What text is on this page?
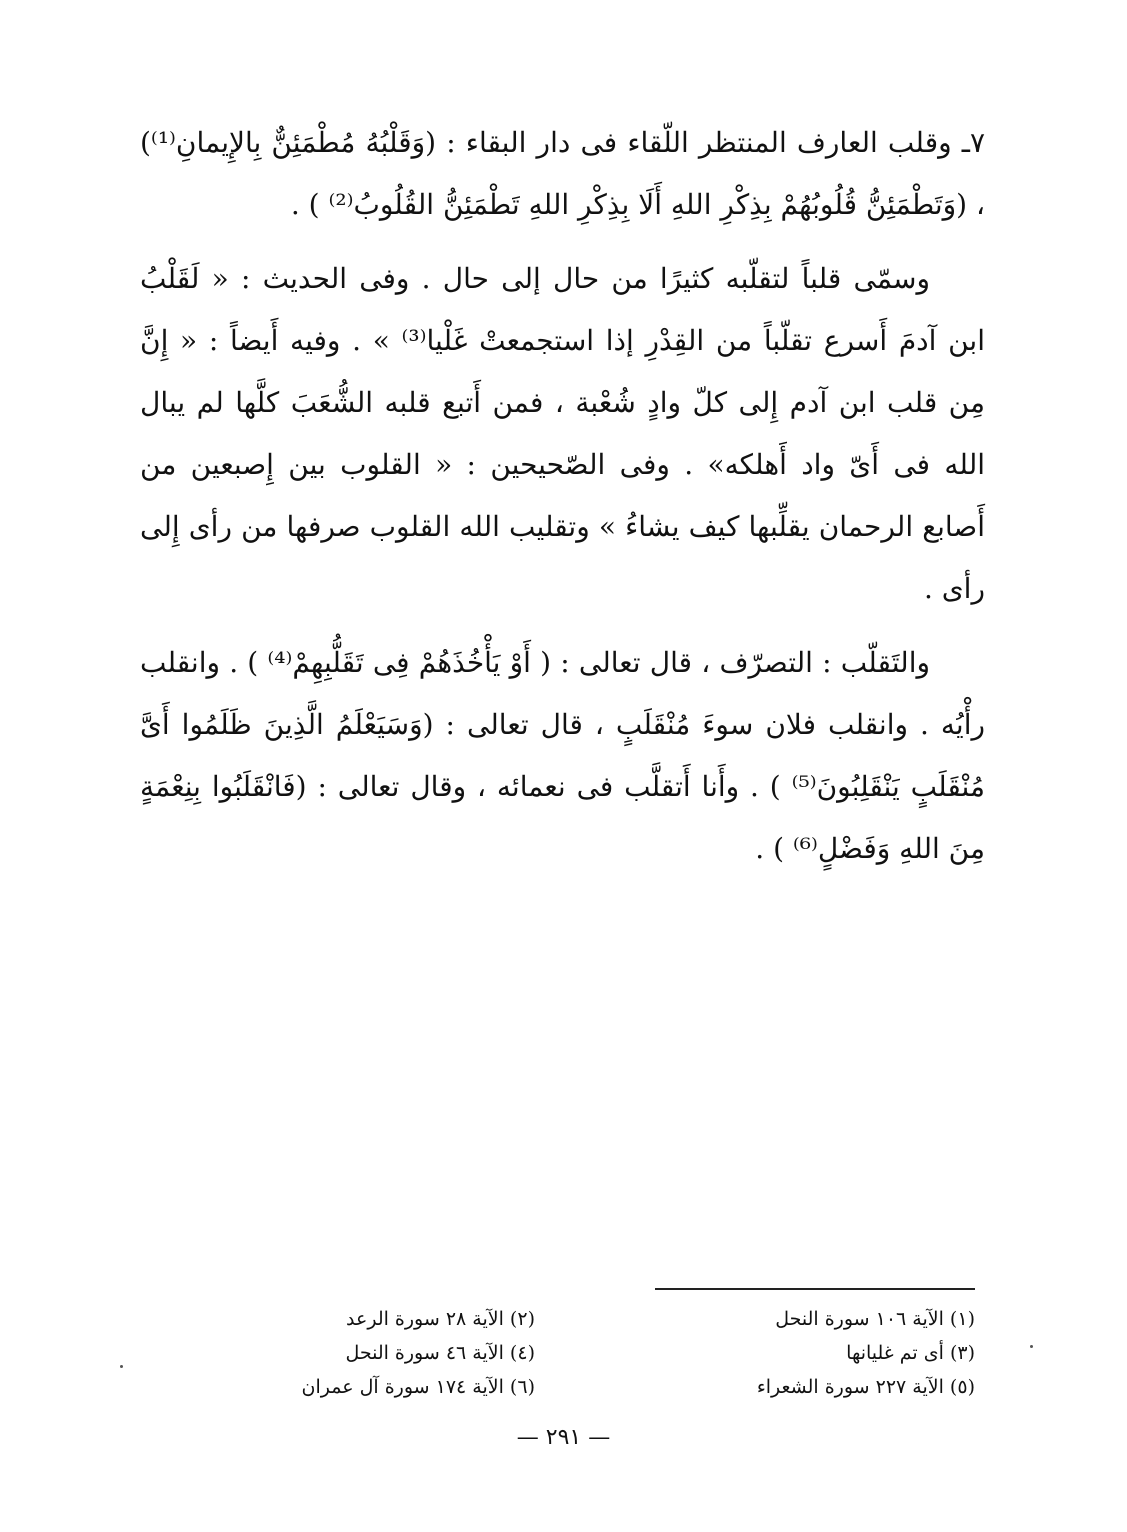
٧ـ وقلب العارف المنتظر اللّقاء فى دار البقاء : (وَقَلْبُهُ مُطْمَئِنٌّ بِالإِيمانِ⁽¹⁾) ، (وَتَطْمَئِنُّ قُلُوبُهُمْ بِذِكْرِ اللهِ أَلَا بِذِكْرِ اللهِ تَطْمَئِنُّ القُلُوبُ⁽²⁾ ) .

وسمّى قلباً لتقلّبه كثيرًا من حال إلى حال . وفى الحديث : « لَقَلْبُ ابن آدمَ أَسرع تقلّباً من القِدْرِ إذا استجمعتْ غَلْيا⁽³⁾ » . وفيه أَيضاً : « إِنَّ مِن قلب ابن آدم إِلى كلّ وادٍ شُعْبة ، فمن أَتبع قلبه الشُّعَبَ كلَّها لم يبال الله فى أَىّ واد أَهلكه» . وفى الصّحيحين : « القلوب بين إِصبعين من أَصابع الرحمان يقلِّبها كيف يشاءُ » وتقليب الله القلوب صرفها من رأى إِلى رأى .

والتَقلّب : التصرّف ، قال تعالى : ( أَوْ يَأْخُذَهُمْ فِى تَقَلُّبِهِمْ⁽⁴⁾ ) . وانقلب رأْيُه . وانقلب فلان سوءَ مُنْقَلَبٍ ، قال تعالى : (وَسَيَعْلَمُ الَّذِينَ ظَلَمُوا أَىَّ مُنْقَلَبٍ يَنْقَلِبُونَ⁽⁵⁾ ) . وأَنا أَتقلَّب فى نعمائه ، وقال تعالى : (فَانْقَلَبُوا بِنِعْمَةٍ مِنَ اللهِ وَفَضْلٍ⁽⁶⁾ ) .

(١) الآية ١٠٦ سورة النحل
(٣) أى تم غليانها
(٥) الآية ٢٢٧ سورة الشعراء
(٢) الآية ٢٨ سورة الرعد
(٤) الآية ٤٦ سورة النحل
(٦) الآية ١٧٤ سورة آل عمران
— ٢٩١ —
